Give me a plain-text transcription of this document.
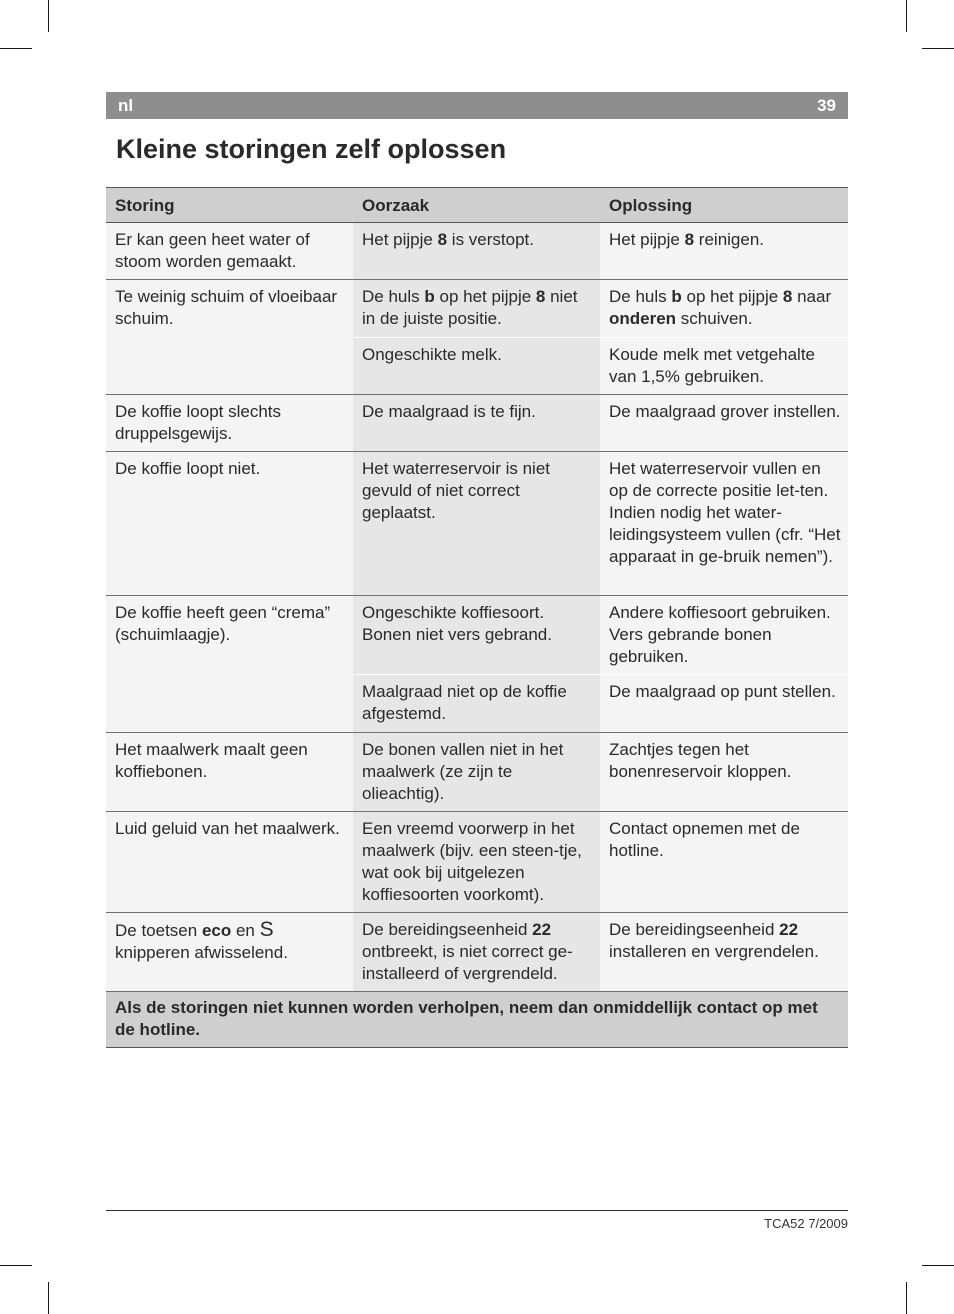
nl	39
Kleine storingen zelf oplossen
Storing	Oorzaak	Oplossing
Er kan geen heet water of stoom worden gemaakt.	Het pijpje 8 is verstopt.	Het pijpje 8 reinigen.
Te weinig schuim of vloeibaar schuim.	De huls b op het pijpje 8 niet in de juiste positie.	De huls b op het pijpje 8 naar onderen schuiven.
	Ongeschikte melk.	Koude melk met vetgehalte van 1,5% gebruiken.
De koffie loopt slechts druppelsgewijs.	De maalgraad is te fijn.	De maalgraad grover instellen.
De koffie loopt niet.	Het waterreservoir is niet gevuld of niet correct geplaatst.	Het waterreservoir vullen en op de correcte positie let-ten. Indien nodig het water-leidingsysteem vullen (cfr. “Het apparaat in ge-bruik nemen”).
De koffie heeft geen “crema” (schuimlaagje).	Ongeschikte koffiesoort. Bonen niet vers gebrand.	Andere koffiesoort gebruiken. Vers gebrande bonen gebruiken.
	Maalgraad niet op de koffie afgestemd.	De maalgraad op punt stellen.
Het maalwerk maalt geen koffiebonen.	De bonen vallen niet in het maalwerk (ze zijn te olieachtig).	Zachtjes tegen het bonenreservoir kloppen.
Luid geluid van het maalwerk.	Een vreemd voorwerp in het maalwerk (bijv. een steen-tje, wat ook bij uitgelezen koffiesoorten voorkomt).	Contact opnemen met de hotline.
De toetsen eco en S knipperen afwisselend.	De bereidingseenheid 22 ontbreekt, is niet correct ge-installeerd of vergrendeld.	De bereidingseenheid 22 installeren en vergrendelen.
Als de storingen niet kunnen worden verholpen, neem dan onmiddellijk contact op met de hotline.		
TCA52 7/2009
